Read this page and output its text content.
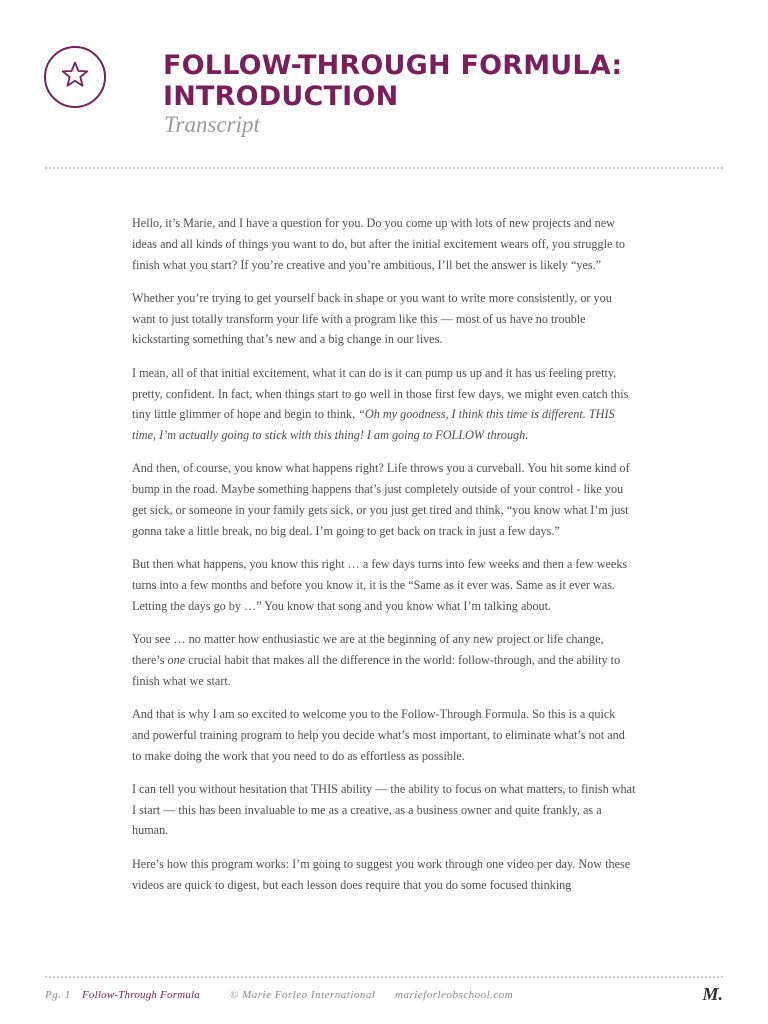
FOLLOW-THROUGH FORMULA:
INTRODUCTION
Transcript

Hello, it’s Marie, and I have a question for you. Do you come up with lots of new projects and new ideas and all kinds of things you want to do, but after the initial excitement wears off, you struggle to finish what you start? If you’re creative and you’re ambitious, I’ll bet the answer is likely “yes.”

Whether you’re trying to get yourself back in shape or you want to write more consistently, or you want to just totally transform your life with a program like this — most of us have no trouble kickstarting something that’s new and a big change in our lives.

I mean, all of that initial excitement, what it can do is it can pump us up and it has us feeling pretty, pretty, confident. In fact, when things start to go well in those first few days, we might even catch this tiny little glimmer of hope and begin to think, “Oh my goodness, I think this time is different. THIS time, I’m actually going to stick with this thing! I am going to FOLLOW through.

And then, of course, you know what happens right? Life throws you a curveball. You hit some kind of bump in the road. Maybe something happens that’s just completely outside of your control - like you get sick, or someone in your family gets sick, or you just get tired and think, “you know what I’m just gonna take a little break, no big deal. I’m going to get back on track in just a few days.”

But then what happens, you know this right … a few days turns into few weeks and then a few weeks turns into a few months and before you know it, it is the “Same as it ever was. Same as it ever was. Letting the days go by …” You know that song and you know what I’m talking about.

You see … no matter how enthusiastic we are at the beginning of any new project or life change, there’s one crucial habit that makes all the difference in the world: follow-through, and the ability to finish what we start.

And that is why I am so excited to welcome you to the Follow-Through Formula. So this is a quick and powerful training program to help you decide what’s most important, to eliminate what’s not and to make doing the work that you need to do as effortless as possible.

I can tell you without hesitation that THIS ability — the ability to focus on what matters, to finish what I start — this has been invaluable to me as a creative, as a business owner and quite frankly, as a human.

Here’s how this program works: I’m going to suggest you work through one video per day. Now these videos are quick to digest, but each lesson does require that you do some focused thinking

Pg. 1 Follow-Through Formula	© Marie Forleo International marieforleobschool.com	M.
